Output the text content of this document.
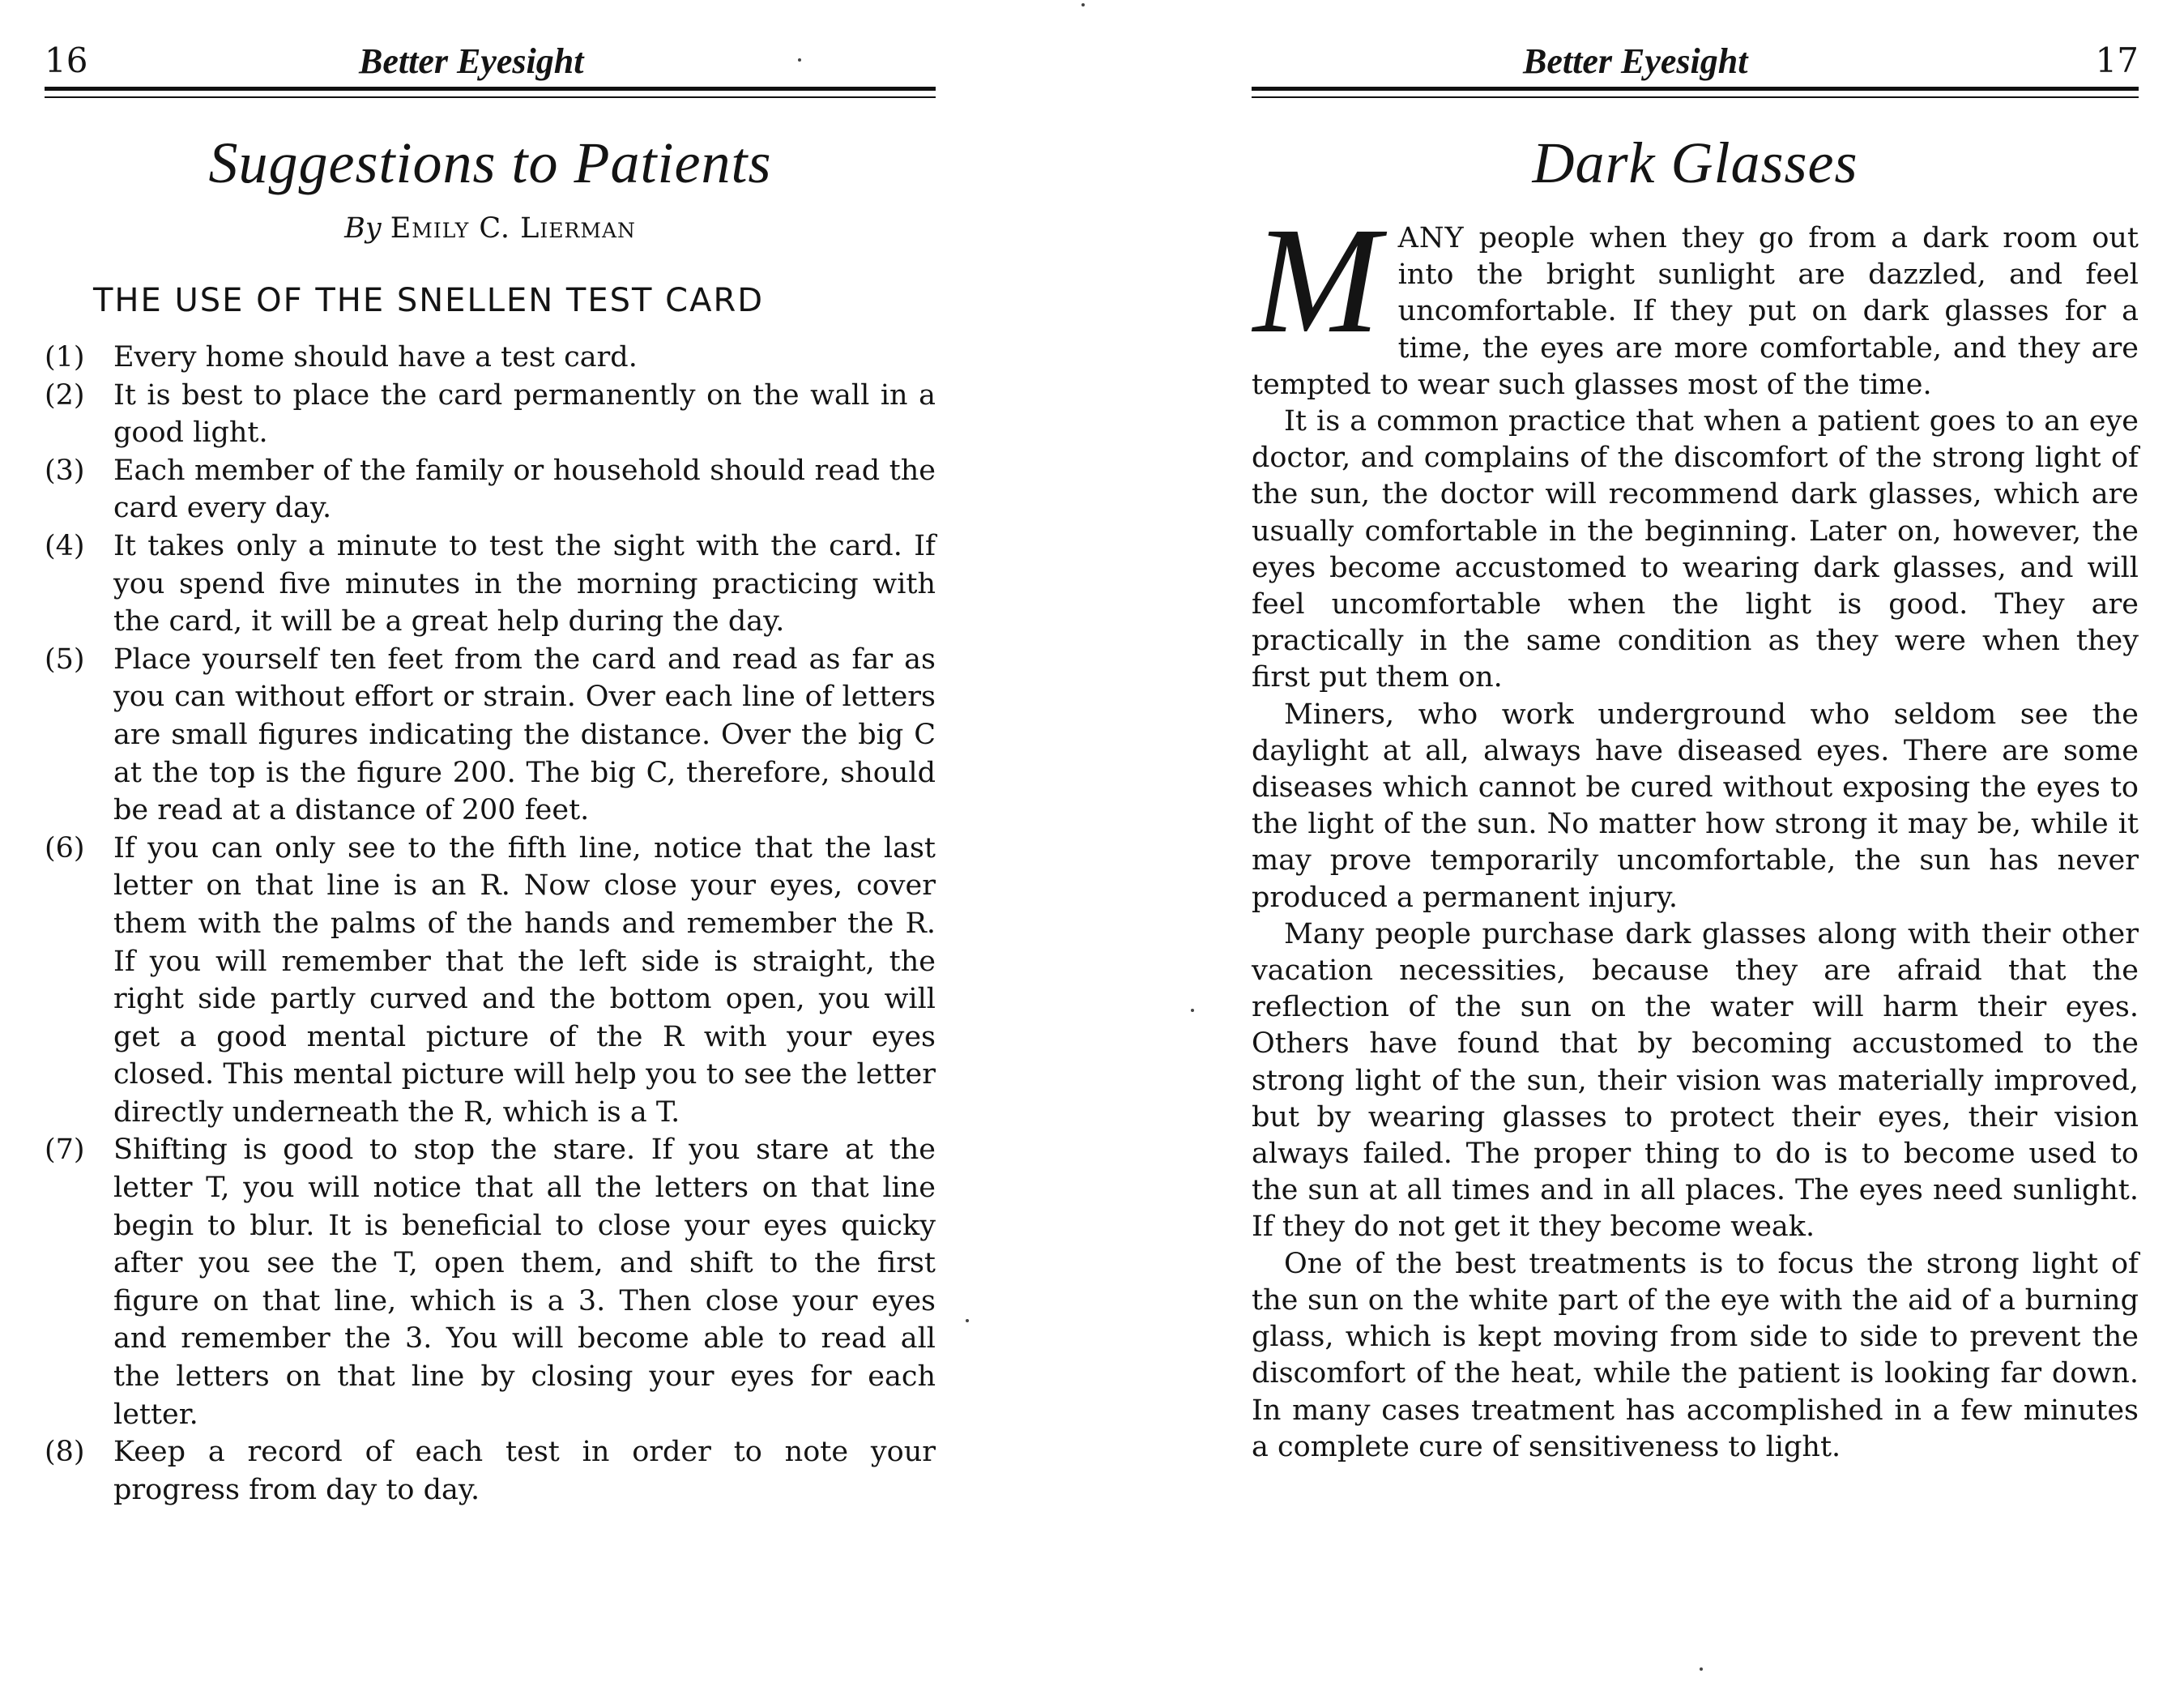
16	Better Eyesight
Suggestions to Patients
By Emily C. Lierman
THE USE OF THE SNELLEN TEST CARD
(1)	Every home should have a test card.
(2)	It is best to place the card permanently on the wall in a good light.
(3)	Each member of the family or household should read the card every day.
(4)	It takes only a minute to test the sight with the card. If you spend five minutes in the morning practicing with the card, it will be a great help during the day.
(5)	Place yourself ten feet from the card and read as far as you can without effort or strain. Over each line of letters are small figures indicating the distance. Over the big C at the top is the figure 200. The big C, therefore, should be read at a distance of 200 feet.
(6)	If you can only see to the fifth line, notice that the last letter on that line is an R. Now close your eyes, cover them with the palms of the hands and remember the R. If you will remember that the left side is straight, the right side partly curved and the bottom open, you will get a good mental picture of the R with your eyes closed. This mental picture will help you to see the letter directly underneath the R, which is a T.
(7)	Shifting is good to stop the stare. If you stare at the letter T, you will notice that all the letters on that line begin to blur. It is beneficial to close your eyes quicky after you see the T, open them, and shift to the first figure on that line, which is a 3. Then close your eyes and remember the 3. You will become able to read all the letters on that line by closing your eyes for each letter.
(8)	Keep a record of each test in order to note your progress from day to day.
Better Eyesight	17
Dark Glasses

MANY people when they go from a dark room out into the bright sunlight are dazzled, and feel uncomfortable. If they put on dark glasses for a time, the eyes are more comfortable, and they are tempted to wear such glasses most of the time.

It is a common practice that when a patient goes to an eye doctor, and complains of the discomfort of the strong light of the sun, the doctor will recommend dark glasses, which are usually comfortable in the beginning. Later on, however, the eyes become accustomed to wearing dark glasses, and will feel uncomfortable when the light is good. They are practically in the same condition as they were when they first put them on.

Miners, who work underground who seldom see the daylight at all, always have diseased eyes. There are some diseases which cannot be cured without exposing the eyes to the light of the sun. No matter how strong it may be, while it may prove temporarily uncomfortable, the sun has never produced a permanent injury.

Many people purchase dark glasses along with their other vacation necessities, because they are afraid that the reflection of the sun on the water will harm their eyes. Others have found that by becoming accustomed to the strong light of the sun, their vision was materially improved, but by wearing glasses to protect their eyes, their vision always failed. The proper thing to do is to become used to the sun at all times and in all places. The eyes need sunlight. If they do not get it they become weak.

One of the best treatments is to focus the strong light of the sun on the white part of the eye with the aid of a burning glass, which is kept moving from side to side to prevent the discomfort of the heat, while the patient is looking far down. In many cases treatment has accomplished in a few minutes a complete cure of sensitiveness to light.
